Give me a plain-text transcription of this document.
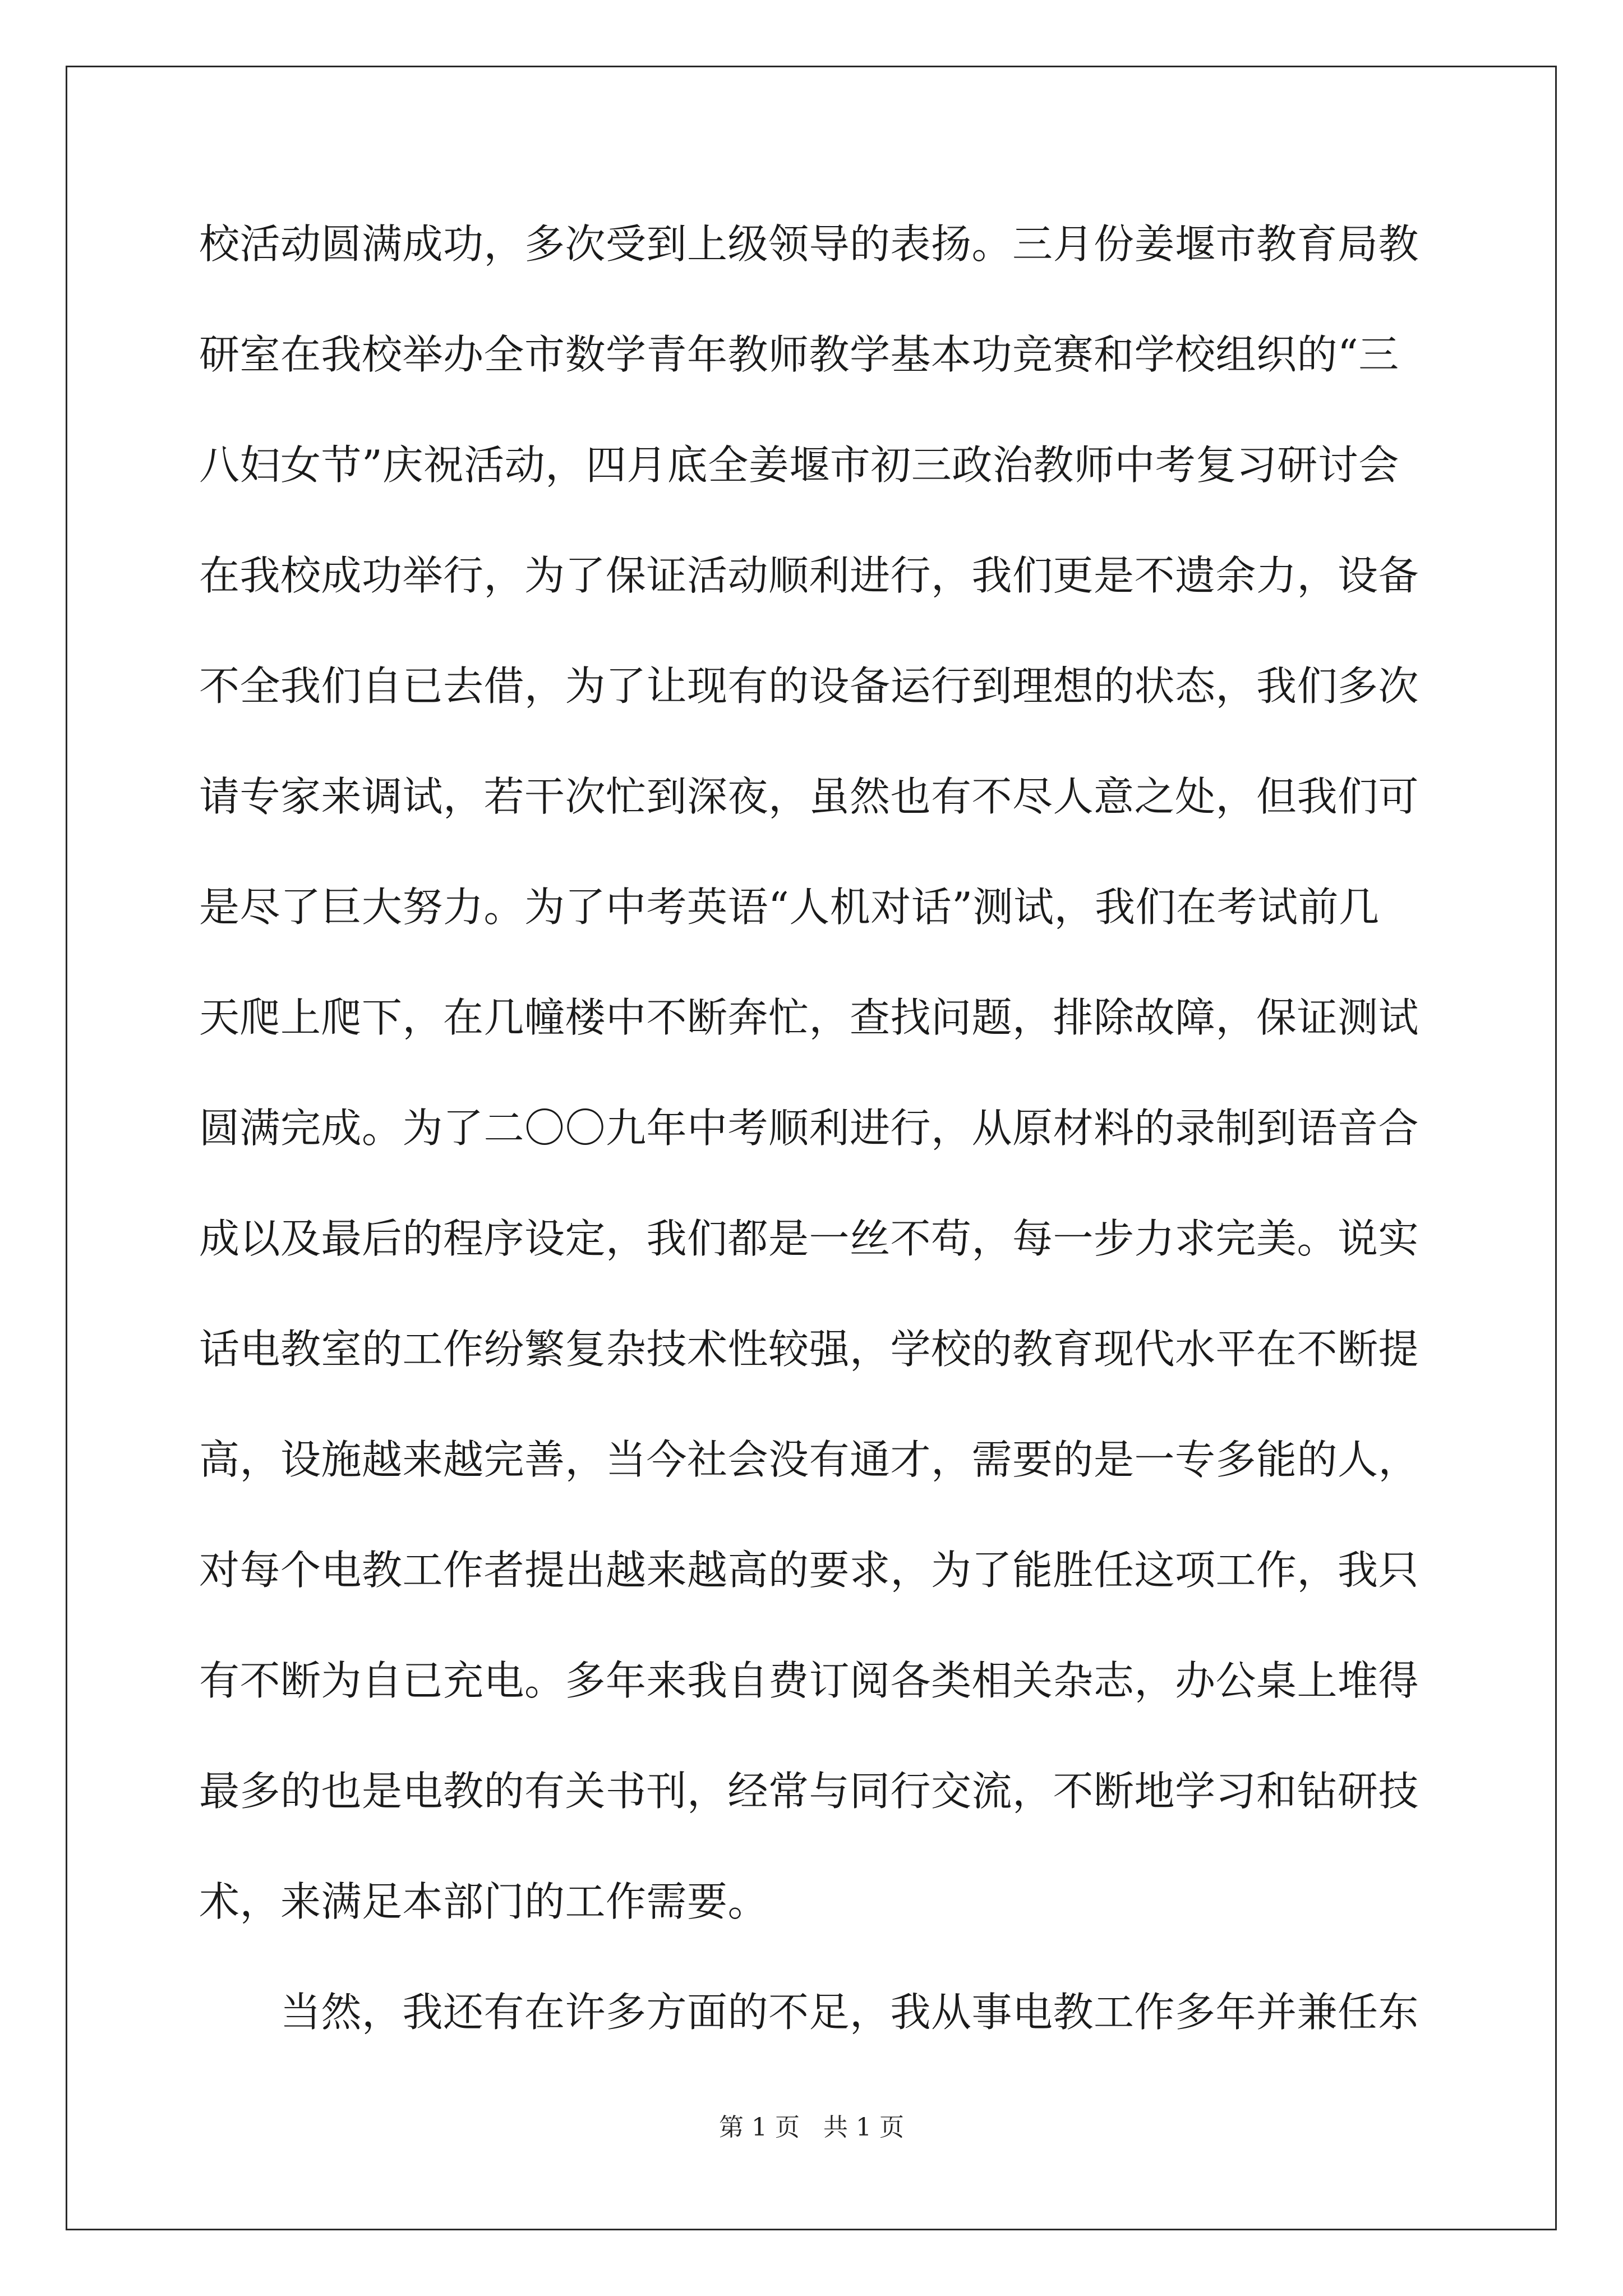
校活动圆满成功，多次受到上级领导的表扬。三月份姜堰市教育局教
研室在我校举办全市数学青年教师教学基本功竞赛和学校组织的“三
八妇女节”庆祝活动，四月底全姜堰市初三政治教师中考复习研讨会
在我校成功举行，为了保证活动顺利进行，我们更是不遗余力，设备
不全我们自已去借，为了让现有的设备运行到理想的状态，我们多次
请专家来调试，若干次忙到深夜，虽然也有不尽人意之处，但我们可
是尽了巨大努力。为了中考英语“人机对话”测试，我们在考试前几
天爬上爬下，在几幢楼中不断奔忙，查找问题，排除故障，保证测试
圆满完成。为了二〇〇九年中考顺利进行，从原材料的录制到语音合
成以及最后的程序设定，我们都是一丝不苟，每一步力求完美。说实
话电教室的工作纷繁复杂技术性较强，学校的教育现代水平在不断提
高，设施越来越完善，当今社会没有通才，需要的是一专多能的人，
对每个电教工作者提出越来越高的要求，为了能胜任这项工作，我只
有不断为自已充电。多年来我自费订阅各类相关杂志，办公桌上堆得
最多的也是电教的有关书刊，经常与同行交流，不断地学习和钻研技
术，来满足本部门的工作需要。
当然，我还有在许多方面的不足，我从事电教工作多年并兼任东
第 1 页 共 1 页
